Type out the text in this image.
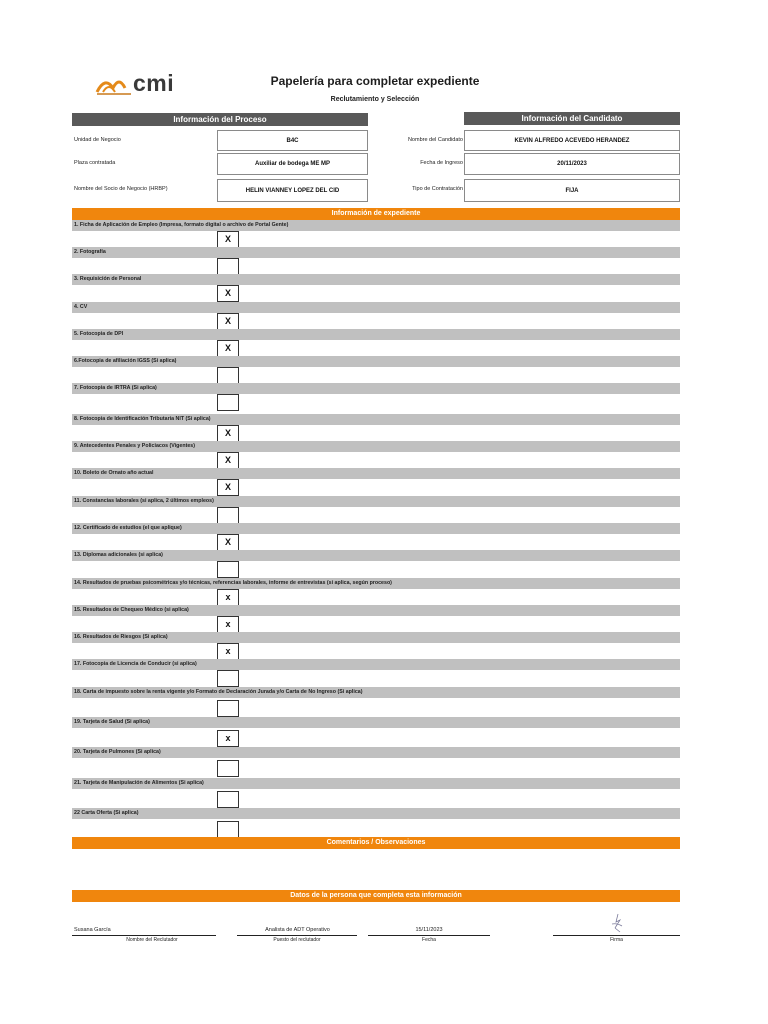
cmi	Papelería para completar expediente
Reclutamiento y Selección
Información del Proceso	Información del Candidato
Unidad de Negocio	B4C
Plaza contratada	Auxiliar de bodega ME MP
Nombre del Socio de Negocio (HRBP)	HELIN VIANNEY LOPEZ DEL CID
Nombre del Candidato	KEVIN ALFREDO ACEVEDO HERANDEZ
Fecha de Ingreso	20/11/2023
Tipo de Contratación	FIJA
Información de expediente
1. Ficha de Aplicación de Empleo (Impresa, formato digital o archivo de Portal Gente)
X
2. Fotografía
3. Requisición de Personal
X
4. CV
X
5. Fotocopia de DPI
X
6.Fotocopia de afiliación IGSS (Si aplica)
7. Fotocopia de IRTRA (Si aplica)
8. Fotocopia de Identificación Tributaria NIT (Si aplica)
X
9. Antecedentes Penales y Policiacos (Vigentes)
X
10. Boleto de Ornato año actual
X
11. Constancias laborales (si aplica, 2 últimos empleos)
12. Certificado de estudios (el que aplique)
X
13. Diplomas adicionales (si aplica)
14. Resultados de pruebas psicométricas y/o técnicas, referencias laborales, informe de entrevistas (si aplica, según proceso)
x
15. Resultados de Chequeo Médico (si aplica)
x
16. Resultados de Riesgos (Si aplica)
x
17. Fotocopia de Licencia de Conducir (si aplica)
18. Carta de impuesto sobre la renta vigente y/o Formato de Declaración Jurada y/o Carta de No Ingreso (Si aplica)
19. Tarjeta de Salud (Si aplica)
x
20. Tarjeta de Pulmones (Si aplica)
21. Tarjeta de Manipulación de Alimentos (Si aplica)
22 Carta Oferta (Si aplica)
Comentarios / Observaciones
Datos de la persona que completa esta información
Susana García
Nombre del Reclutador
Analista de ADT Operativo
Puesto del reclutador
15/11/2023
Fecha	Firma
